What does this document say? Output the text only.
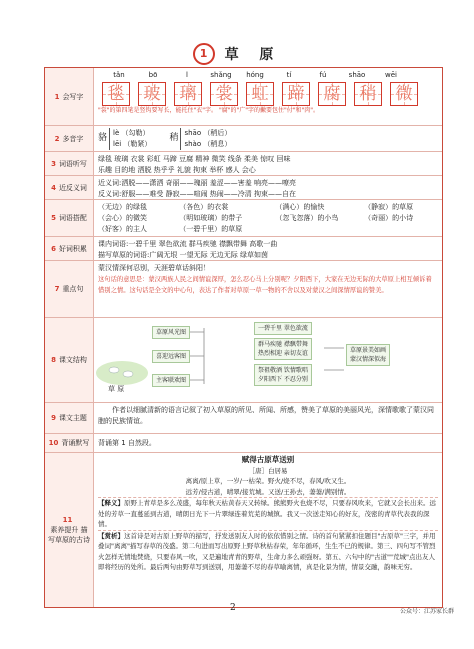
1 草 原
1 会写字
tǎn	bō	l	shǎng	hóng	tí	fú	shāo	wēi
毯	玻	璃	裳	虹	蹄	腐	稍	微
"裳"的第四笔是竖钩要写长，能托住"衣"字。 "腐"的"广"字的撇要包住"付"和"肉"。
2 多音字 貉
lè （勾勒）
lēi （勒紧）
稍
shāo （稍后）
shào （稍息）
3 词语听写
绿毯 玻璃 衣裳 彩虹 马蹄 豆腐 精神 微笑 线条 柔美 惊叹 回味
乐趣 目的地 洒脱 热乎乎 礼貌 拘束 举杯 感人 会心
4 近反义词
近义词:洒脱——潇洒 奇丽——瑰丽 羞涩——害羞 响亮——嘹亮
反义词:舒服——难受 静寂——喧闹 热闹——冷清 拘束——自在
5 词语搭配
（无边）的绿毯	（各色）的衣裳	（满心）的愉快	（静寂）的草原
（会心）的微笑	（明如玻璃）的带子	（忽飞忽落）的小鸟	（奇丽）的小诗
（好客）的主人	（一碧千里）的草原
6 好词积累
课内词语:一碧千里 翠色欲流 群马疾驰 襟飘带舞 高歌一曲
描写草原的词语:广阔无垠 一望无际 无边无际 绿草如茵
7 重点句
蒙汉情深何忍别，天涯碧草话斜阳！
这句话的意思是：蒙汉两族人民之间情谊深厚，怎么忍心马上分别呢？夕阳西下，大家在无边无际的大草原上相互倾诉着惜别之情。这句话是全文的中心句，表达了作者对草原一草一物的不舍以及对蒙汉之间深情厚谊的赞美。
8 课文结构
草原风光图
喜迎远客图
主客联欢图
草 原
一碧千里 翠色欲流
群马疾驰 襟飘带舞
热烈相迎 亲切友谊
祭祖敬酒 饮情歌唱
夕阳西下 不忍分别
草原景美如画
蒙汉情深似海
9 课文主题
作者以细腻清新的语言记叙了初入草原的所见、所闻、所感，赞美了草原的美丽风光，深情歌歌了蒙汉同胞的民族情谊。
10 背诵默写	背诵第 1 自然段。
11
素养提升 描写草原的古诗
赋得古原草送别
［唐］白居易
离离/原上草，一岁/一枯荣。野火/烧不尽，春风/吹又生。
远芳/侵古道，晴翠/接荒城。又送/王孙去，萋萋/满别情。
【释义】原野上青草是多么茂盛，每年秋天枯黄春天又转绿。熊熊野火也烧不尽，只要春风吹来，它就又会长出来。远处的芳草一直蔓延到古道，晴朗日光下一片翠绿连着荒芜的城镇。我又一次送走知心的好友，茂密的青草代表我的深情。
【赏析】这首诗是对古原上野草的描写，抒发送别友人时的依依惜别之情。诗的首句紧紧扣住题目"古原草"三字，并用叠词"离离"描写春草的茂盛。第二句进而写出原野上野草秋枯春荣，年年循环，生生不已的规律。第三、四句写不管烈火怎样无情地焚烧，只要春风一吹，又是遍地青青的野草，生命力多么顽强呀。第五、六句中的"古道""荒城"点出友人即将经历的处所。最后两句由野草写到送别，用萋萋不尽的春草喻离情，真是化景为情，情景交融，韵味无穷。
2	公众号：江苏家长群
